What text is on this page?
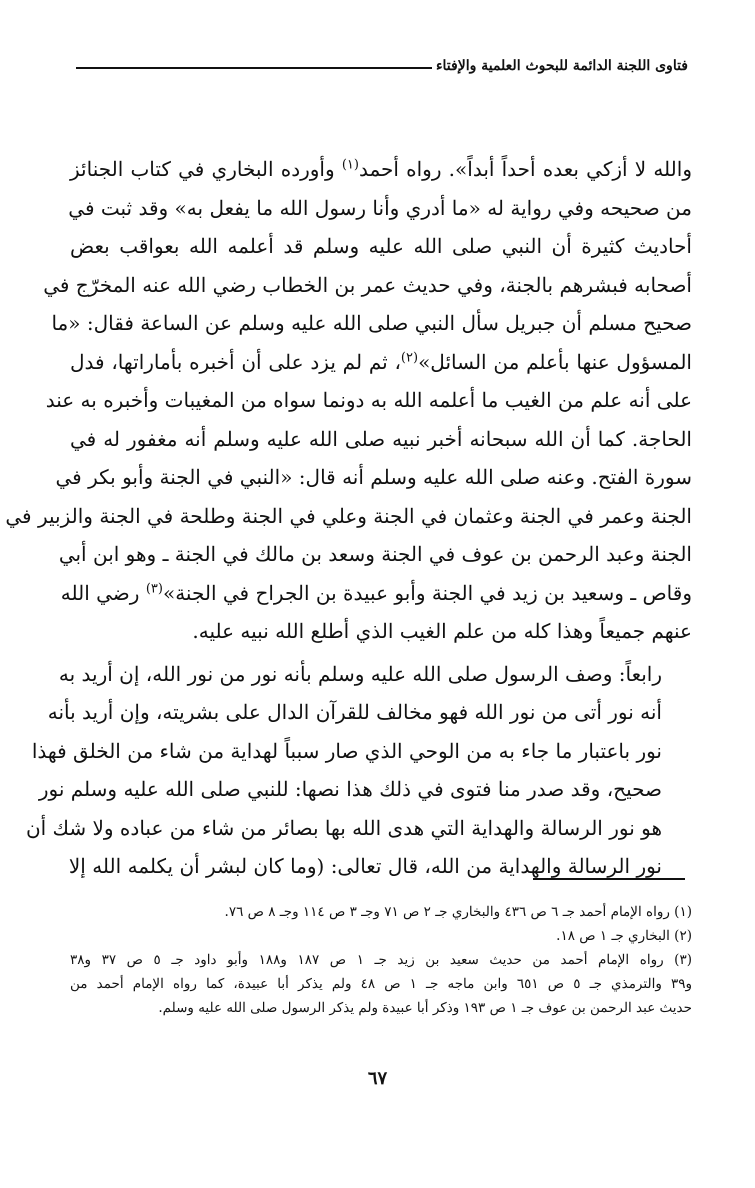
فتاوى اللجنة الدائمة للبحوث العلمية والإفتاء

والله لا أزكي بعده أحداً أبداً». رواه أحمد$^{(١)}$ وأورده البخاري في كتاب الجنائز
من صحيحه وفي رواية له «ما أدري وأنا رسول الله ما يفعل به» وقد ثبت في
أحاديث كثيرة أن النبي صلى الله عليه وسلم قد أعلمه الله بعواقب بعض
أصحابه فبشرهم بالجنة، وفي حديث عمر بن الخطاب رضي الله عنه المخرّج في
صحيح مسلم أن جبريل سأل النبي صلى الله عليه وسلم عن الساعة فقال: «ما
المسؤول عنها بأعلم من السائل»$^{(٢)}$، ثم لم يزد على أن أخبره بأماراتها، فدل
على أنه علم من الغيب ما أعلمه الله به دونما سواه من المغيبات وأخبره به عند
الحاجة. كما أن الله سبحانه أخبر نبيه صلى الله عليه وسلم أنه مغفور له في
سورة الفتح. وعنه صلى الله عليه وسلم أنه قال: «النبي في الجنة وأبو بكر في
الجنة وعمر في الجنة وعثمان في الجنة وعلي في الجنة وطلحة في الجنة والزبير في
الجنة وعبد الرحمن بن عوف في الجنة وسعد بن مالك في الجنة ـ وهو ابن أبي
وقاص ـ وسعيد بن زيد في الجنة وأبو عبيدة بن الجراح في الجنة»$^{(٣)}$ رضي الله
عنهم جميعاً وهذا كله من علم الغيب الذي أطلع الله نبيه عليه.

رابعاً: وصف الرسول صلى الله عليه وسلم بأنه نور من نور الله، إن أريد به
أنه نور أتى من نور الله فهو مخالف للقرآن الدال على بشريته، وإن أريد بأنه
نور باعتبار ما جاء به من الوحي الذي صار سبباً لهداية من شاء من الخلق فهذا
صحيح، وقد صدر منا فتوى في ذلك هذا نصها: للنبي صلى الله عليه وسلم نور
هو نور الرسالة والهداية التي هدى الله بها بصائر من شاء من عباده ولا شك أن
نور الرسالة والهداية من الله، قال تعالى: (وما كان لبشر أن يكلمه الله إلا

(١) رواه الإمام أحمد جـ ٦ ص ٤٣٦ والبخاري جـ ٢ ص ٧١ وجـ ٣ ص ١١٤ وجـ ٨ ص ٧٦.

(٢) البخاري جـ ١ ص ١٨.

(٣) رواه الإمام أحمد من حديث سعيد بن زيد جـ ١ ص ١٨٧ و١٨٨ وأبو داود جـ ٥ ص ٣٧ و٣٨
و٣٩ والترمذي جـ ٥ ص ٦٥١ وابن ماجه جـ ١ ص ٤٨ ولم يذكر أبا عبيدة، كما رواه الإمام أحمد من
حديث عبد الرحمن بن عوف جـ ١ ص ١٩٣ وذكر أبا عبيدة ولم يذكر الرسول صلى الله عليه وسلم.

٦٧
